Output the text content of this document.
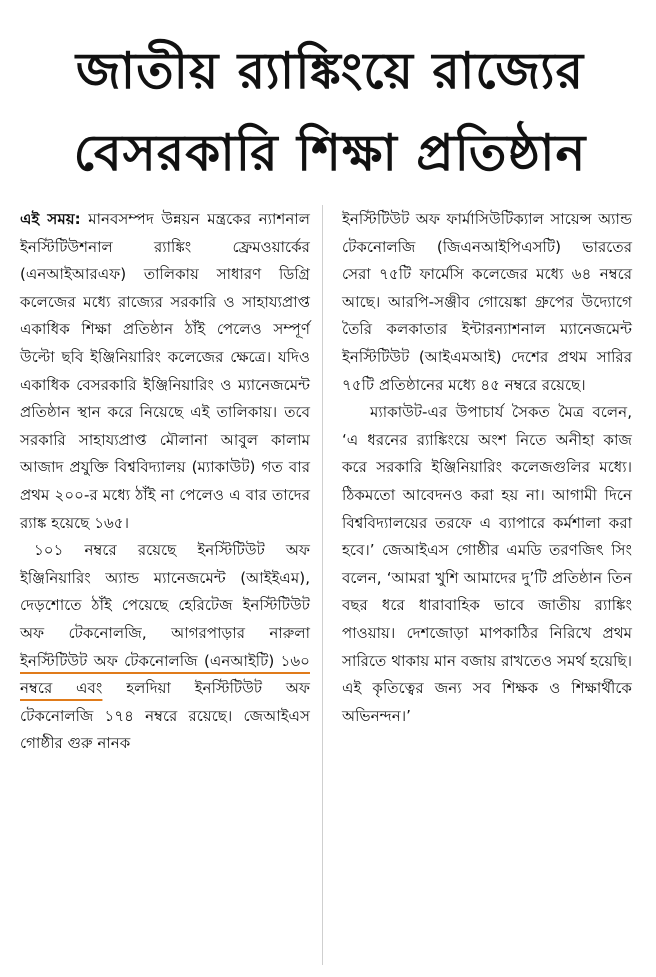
জাতীয় র‍্যাঙ্কিংয়ে রাজ্যের
বেসরকারি শিক্ষা প্রতিষ্ঠান

এই সময়: মানবসম্পদ উন্নয়ন মন্ত্রকের ন্যাশনাল ইনস্টিটিউশনাল র‍্যাঙ্কিং ফ্রেমওয়ার্কের (এনআইআরএফ) তালিকায় সাধারণ ডিগ্রি কলেজের মধ্যে রাজ্যের সরকারি ও সাহায্যপ্রাপ্ত একাধিক শিক্ষা প্রতিষ্ঠান ঠাঁই পেলেও সম্পূর্ণ উল্টো ছবি ইঞ্জিনিয়ারিং কলেজের ক্ষেত্রে। যদিও একাধিক বেসরকারি ইঞ্জিনিয়ারিং ও ম্যানেজমেন্ট প্রতিষ্ঠান স্থান করে নিয়েছে এই তালিকায়। তবে সরকারি সাহায্যপ্রাপ্ত মৌলানা আবুল কালাম আজাদ প্রযুক্তি বিশ্ববিদ্যালয় (ম্যাকাউট) গত বার প্রথম ২০০-র মধ্যে ঠাঁই না পেলেও এ বার তাদের র‍্যাঙ্ক হয়েছে ১৬৫।

১০১ নম্বরে রয়েছে ইনস্টিটিউট অফ ইঞ্জিনিয়ারিং অ্যান্ড ম্যানেজমেন্ট (আইইএম), দেড়শোতে ঠাঁই পেয়েছে হেরিটেজ ইনস্টিটিউট অফ টেকনোলজি, আগরপাড়ার নারুলা ইনস্টিটিউট অফ টেকনোলজি (এনআইটি) ১৬০ নম্বরে এবং হলদিয়া ইনস্টিটিউট অফ টেকনোলজি ১৭৪ নম্বরে রয়েছে। জেআইএস গোষ্ঠীর গুরু নানক

ইনস্টিটিউট অফ ফার্মাসিউটিক্যাল সায়েন্স অ্যান্ড টেকনোলজি (জিএনআইপিএসটি) ভারতের সেরা ৭৫টি ফার্মেসি কলেজের মধ্যে ৬৪ নম্বরে আছে। আরপি-সঞ্জীব গোয়েঙ্কা গ্রুপের উদ্যোগে তৈরি কলকাতার ইন্টারন্যাশনাল ম্যানেজমেন্ট ইনস্টিটিউট (আইএমআই) দেশের প্রথম সারির ৭৫টি প্রতিষ্ঠানের মধ্যে ৪৫ নম্বরে রয়েছে।

ম্যাকাউট-এর উপাচার্য সৈকত মৈত্র বলেন, ‘এ ধরনের র‍্যাঙ্কিংয়ে অংশ নিতে অনীহা কাজ করে সরকারি ইঞ্জিনিয়ারিং কলেজগুলির মধ্যে। ঠিকমতো আবেদনও করা হয় না। আগামী দিনে বিশ্ববিদ্যালয়ের তরফে এ ব্যাপারে কর্মশালা করা হবে।’ জেআইএস গোষ্ঠীর এমডি তরণজিৎ সিং বলেন, ‘আমরা খুশি আমাদের দু’টি প্রতিষ্ঠান তিন বছর ধরে ধারাবাহিক ভাবে জাতীয় র‍্যাঙ্কিং পাওয়ায়। দেশজোড়া মাপকাঠির নিরিখে প্রথম সারিতে থাকায় মান বজায় রাখতেও সমর্থ হয়েছি। এই কৃতিত্বের জন্য সব শিক্ষক ও শিক্ষার্থীকে অভিনন্দন।’
